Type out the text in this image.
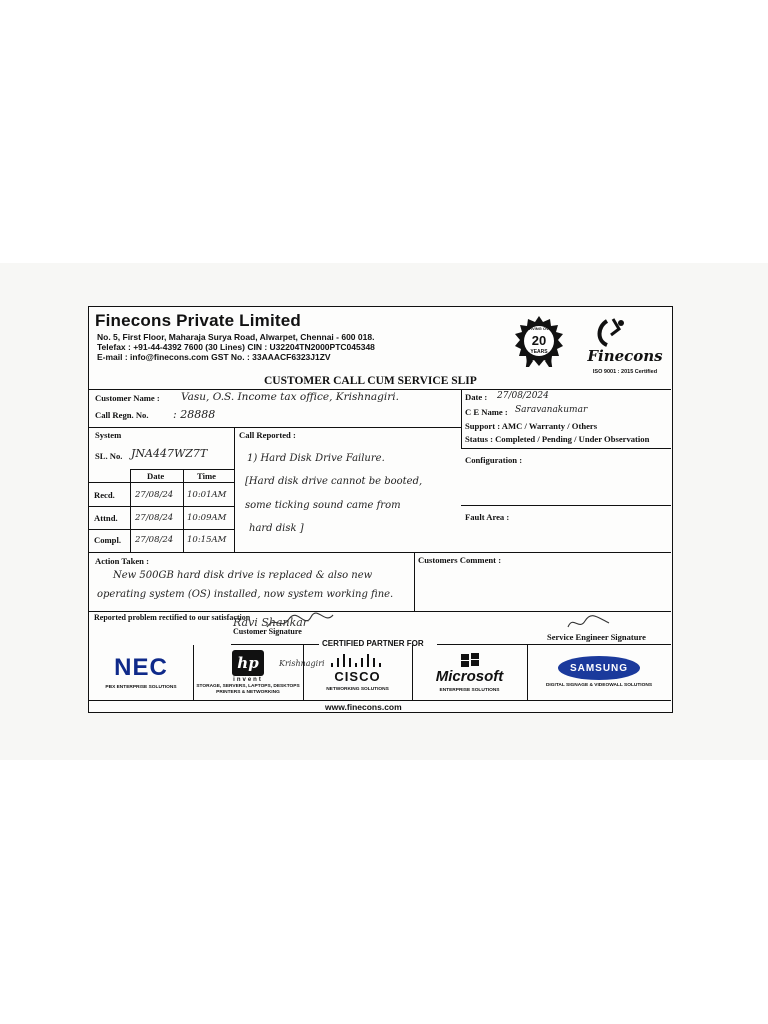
Finecons Private Limited
No. 5, First Floor, Maharaja Surya Road, Alwarpet, Chennai - 600 018.
Telefax : +91-44-4392 7600 (30 Lines) CIN : U32204TN2000PTC045348
E-mail : info@finecons.com GST No. : 33AAACF6323J1ZV
20
YEARS
SERVING OVER
Finecons
ISO 9001 : 2015 Certified
CUSTOMER CALL CUM SERVICE SLIP
Customer Name : Vasu, O.S. Income tax office, Krishnagiri.
Call Regn. No. : 28888
Date : 27/08/2024
C E Name : Saravanakumar
Support : AMC / Warranty / Others
Status : Completed / Pending / Under Observation
System
SL. No. JNA447WZ7T
Date	Time
Recd. 27/08/24 10:01AM
Attnd. 27/08/24 10:09AM
Compl. 27/08/24 10:15AM
Call Reported :
1) Hard Disk Drive Failure.
[Hard disk drive cannot be booted,
some ticking sound came from
hard disk ]
Configuration :
Fault Area :
Action Taken :
New 500GB hard disk drive is replaced & also new
operating system (OS) installed, now system working fine.
Customers Comment :
Reported problem rectified to our satisfaction
Customer Signature
Ravi Shankar
Krishnagiri
Service Engineer Signature
CERTIFIED PARTNER FOR
NEC
PBX ENTERPRISE SOLUTIONS
hp
invent
STORAGE, SERVERS, LAPTOPS, DESKTOPS PRINTERS & NETWORKING
CISCO
NETWORKING SOLUTIONS
Microsoft
ENTERPRISE SOLUTIONS
SAMSUNG
DIGITAL SIGNAGE & VIDEOWALL SOLUTIONS
www.finecons.com
